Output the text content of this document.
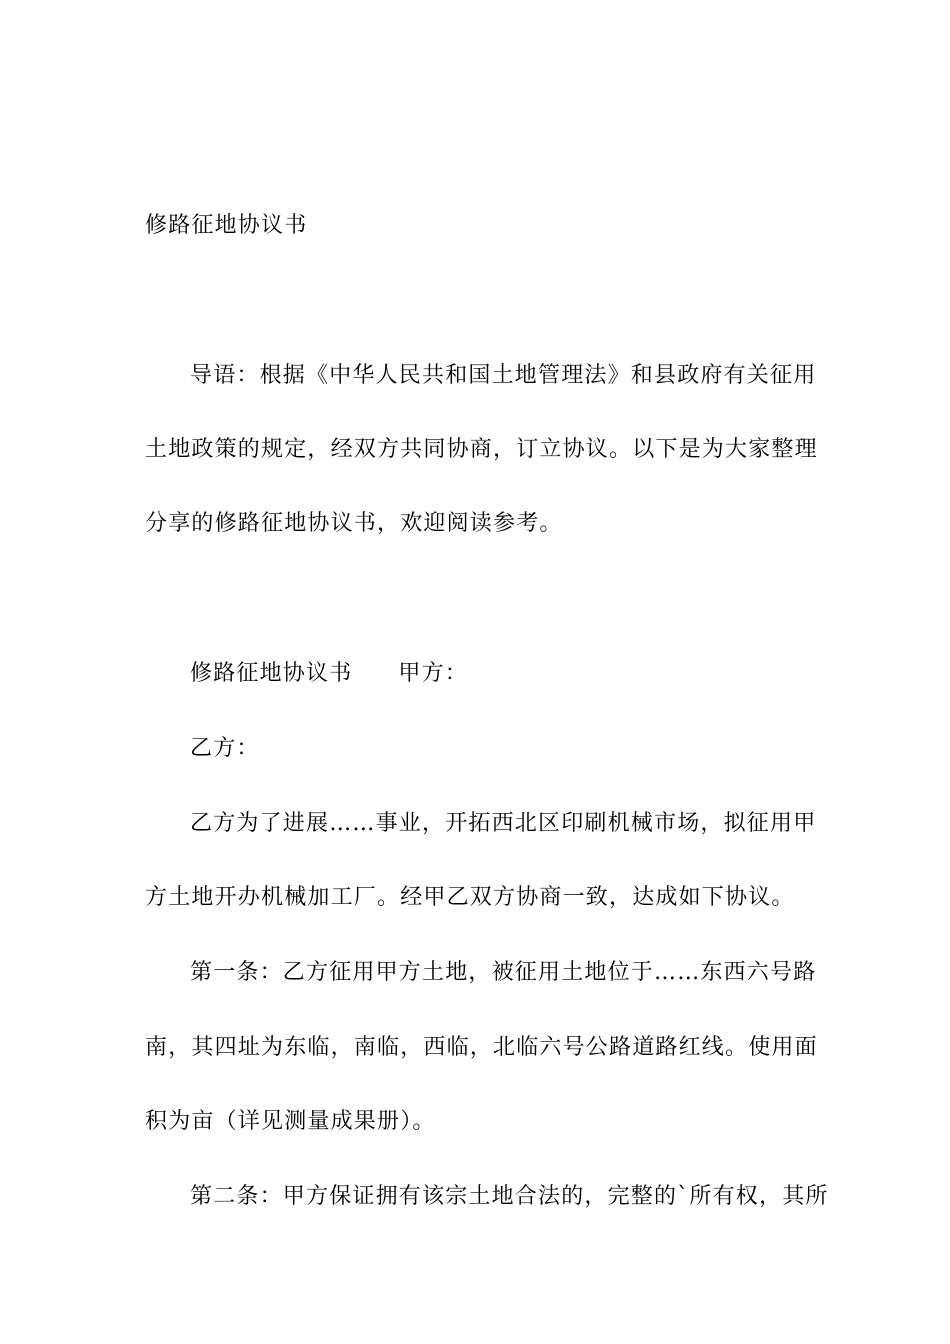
修路征地协议书
导语：根据《中华人民共和国土地管理法》和县政府有关征用
土地政策的规定，经双方共同协商，订立协议。以下是为大家整理
分享的修路征地协议书，欢迎阅读参考。
修路征地协议书 甲方：
乙方：
乙方为了进展……事业，开拓西北区印刷机械市场，拟征用甲
方土地开办机械加工厂。经甲乙双方协商一致，达成如下协议。
第一条：乙方征用甲方土地，被征用土地位于……东西六号路
南，其四址为东临，南临，西临，北临六号公路道路红线。使用面
积为亩（详见测量成果册）。
第二条：甲方保证拥有该宗土地合法的，完整的`所有权，其所
